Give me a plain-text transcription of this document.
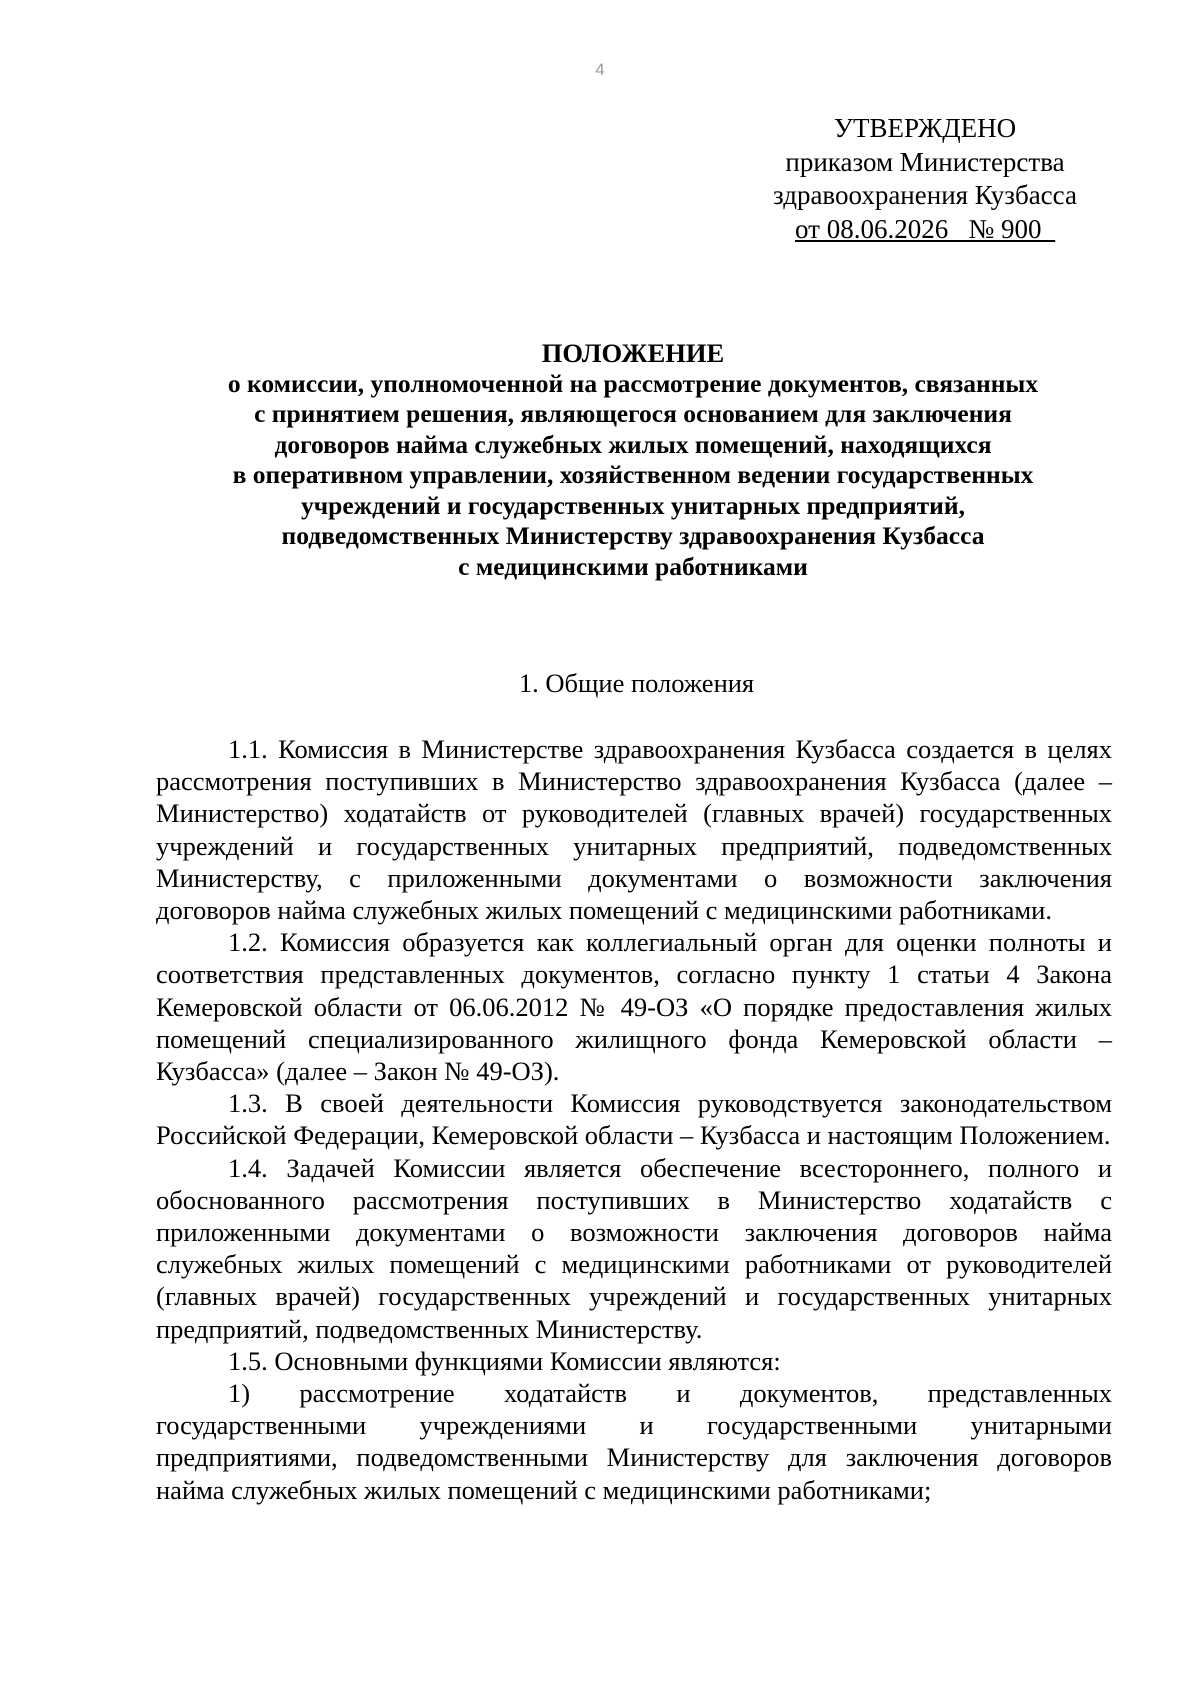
4
УТВЕРЖДЕНО
приказом Министерства
здравоохранения Кузбасса
от 08.06.2026_ № 900_
ПОЛОЖЕНИЕ
о комиссии, уполномоченной на рассмотрение документов, связанных
с принятием решения, являющегося основанием для заключения
договоров найма служебных жилых помещений, находящихся
в оперативном управлении, хозяйственном ведении государственных
учреждений и государственных унитарных предприятий,
подведомственных Министерству здравоохранения Кузбасса
с медицинскими работниками
1. Общие положения

1.1. Комиссия в Министерстве здравоохранения Кузбасса создается в целях рассмотрения поступивших в Министерство здравоохранения Кузбасса (далее – Министерство) ходатайств от руководителей (главных врачей) государственных учреждений и государственных унитарных предприятий, подведомственных Министерству, с приложенными документами о возможности заключения договоров найма служебных жилых помещений с медицинскими работниками.

1.2. Комиссия образуется как коллегиальный орган для оценки полноты и соответствия представленных документов, согласно пункту 1 статьи 4 Закона Кемеровской области от 06.06.2012 № 49-ОЗ «О порядке предоставления жилых помещений специализированного жилищного фонда Кемеровской области – Кузбасса» (далее – Закон № 49-ОЗ).

1.3. В своей деятельности Комиссия руководствуется законодательством Российской Федерации, Кемеровской области – Кузбасса и настоящим Положением.

1.4. Задачей Комиссии является обеспечение всестороннего, полного и обоснованного рассмотрения поступивших в Министерство ходатайств с приложенными документами о возможности заключения договоров найма служебных жилых помещений с медицинскими работниками от руководителей (главных врачей) государственных учреждений и государственных унитарных предприятий, подведомственных Министерству.

1.5. Основными функциями Комиссии являются:

1) рассмотрение ходатайств и документов, представленных государственными учреждениями и государственными унитарными предприятиями, подведомственными Министерству для заключения договоров найма служебных жилых помещений с медицинскими работниками;
